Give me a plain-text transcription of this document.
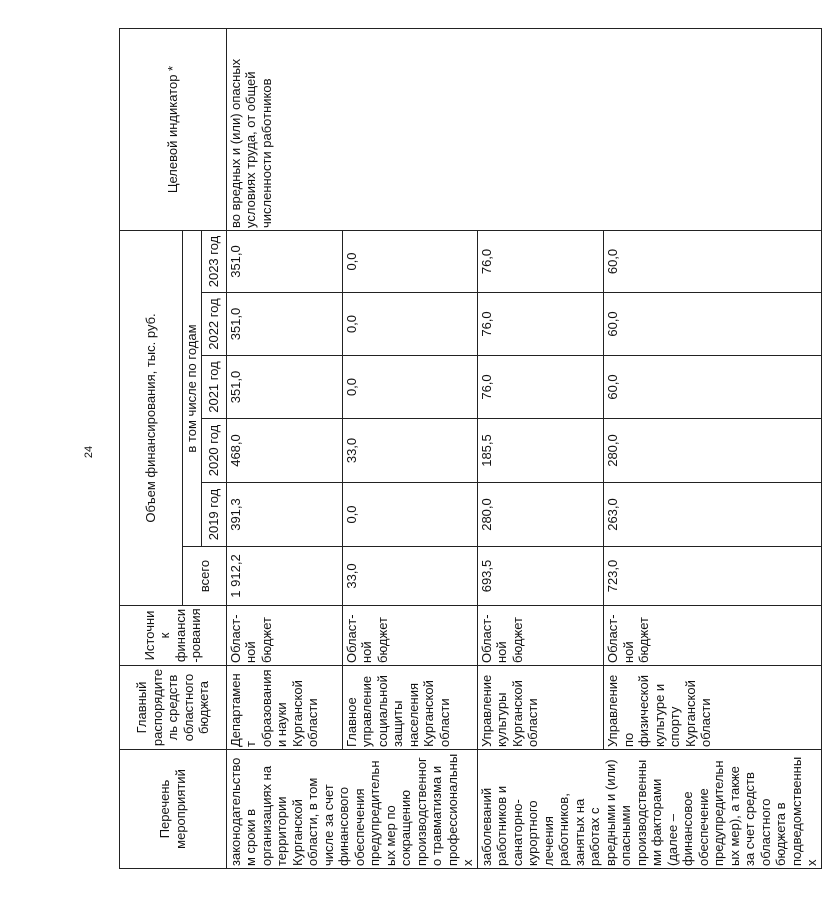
24
Перечень мероприятий	Главный распорядитель средств областного бюджета	Источник финанси-рования	Объем финансирования, тыс. руб.						Целевой индикатор *
			всего	в том числе по годам					
				2019 год	2020 год	2021 год	2022 год	2023 год	
законодательством сроки в организациях на территории Курганской области, в том числе за счет финансового обеспечения предупредительных мер по сокращению производственного травматизма и профессиональных	Департамент образования и науки Курганской области	Област-ной бюджет	1 912,2	391,3	468,0	351,0	351,0	351,0	во вредных и (или) опасных условиях труда, от общей численности работников
	Главное управление социальной защиты населения Курганской области	Област-ной бюджет	33,0	0,0	33,0	0,0	0,0	0,0	
заболеваний работников и санаторно-курортного лечения работников, занятых на работах с вредными и (или) опасными производственными факторами (далее – финансовое обеспечение предупредительных мер), а также за счет средств областного бюджета в подведомственных	Управление культуры Курганской области	Област-ной бюджет	693,5	280,0	185,5	76,0	76,0	76,0	
	Управление по физической культуре и спорту Курганской области	Област-ной бюджет	723,0	263,0	280,0	60,0	60,0	60,0	
